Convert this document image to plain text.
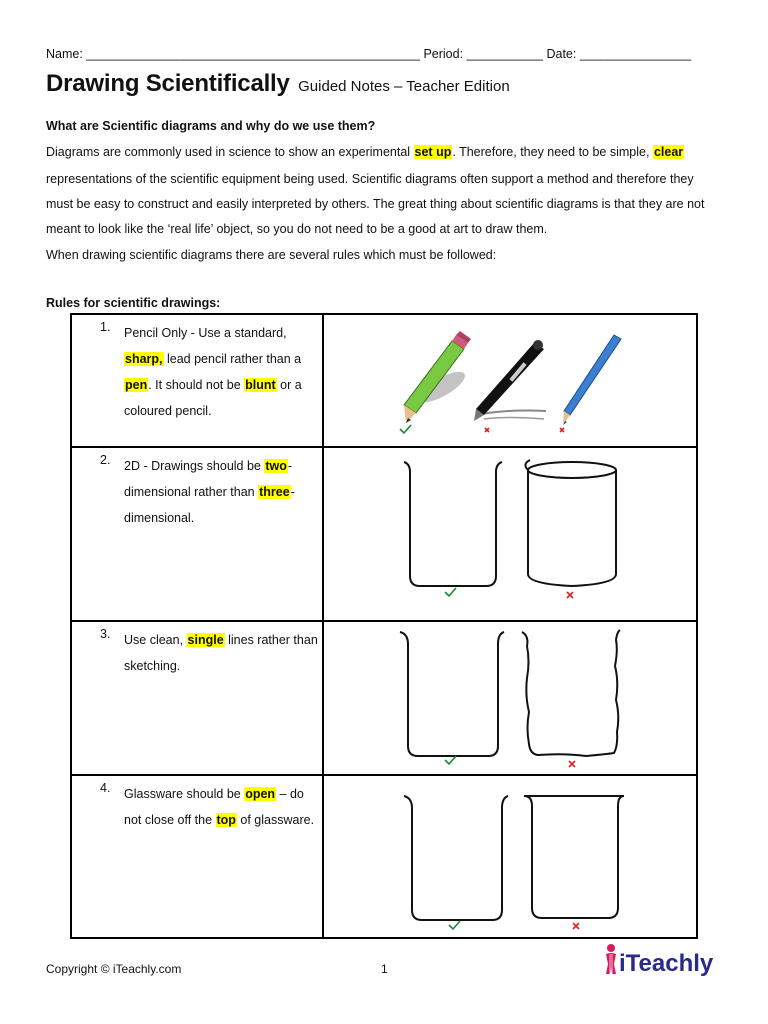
Name: ________________________________________________ Period: ___________ Date: ________________
Drawing Scientifically Guided Notes – Teacher Edition
What are Scientific diagrams and why do we use them?
Diagrams are commonly used in science to show an experimental set up. Therefore, they need to be simple, clear
representations of the scientific equipment being used. Scientific diagrams often support a method and therefore they
must be easy to construct and easily interpreted by others. The great thing about scientific diagrams is that they are not
meant to look like the ‘real life’ object, so you do not need to be a good at art to draw them.
When drawing scientific diagrams there are several rules which must be followed:
Rules for scientific drawings:
1. Pencil Only - Use a standard, sharp, lead pencil rather than a pen. It should not be blunt or a coloured pencil.
2. 2D - Drawings should be two-dimensional rather than three-dimensional.
3. Use clean, single lines rather than sketching.
4. Glassware should be open – do not close off the top of glassware.
Copyright © iTeachly.com	1	iTeachly
